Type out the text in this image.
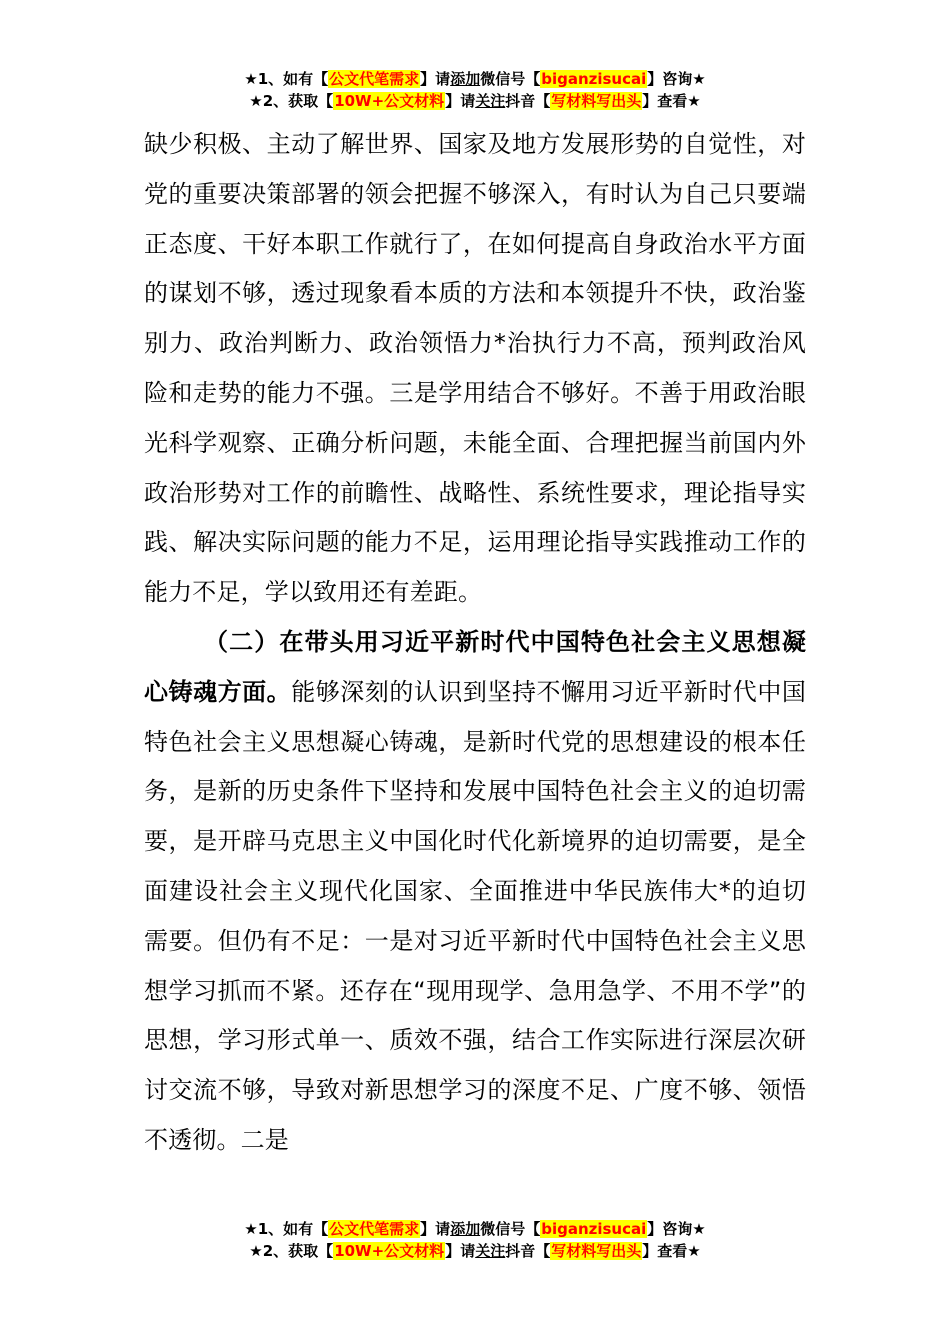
★1、如有【公文代笔需求】请添加微信号【biganzisucai】咨询★
★2、获取【10W+公文材料】请关注抖音【写材料写出头】查看★

缺少积极、主动了解世界、国家及地方发展形势的自觉性，对党的重要决策部署的领会把握不够深入，有时认为自己只要端正态度、干好本职工作就行了，在如何提高自身政治水平方面的谋划不够，透过现象看本质的方法和本领提升不快，政治鉴别力、政治判断力、政治领悟力*治执行力不高，预判政治风险和走势的能力不强。三是学用结合不够好。不善于用政治眼光科学观察、正确分析问题，未能全面、合理把握当前国内外政治形势对工作的前瞻性、战略性、系统性要求，理论指导实践、解决实际问题的能力不足，运用理论指导实践推动工作的能力不足，学以致用还有差距。

（二）在带头用习近平新时代中国特色社会主义思想凝心铸魂方面。能够深刻的认识到坚持不懈用习近平新时代中国特色社会主义思想凝心铸魂，是新时代党的思想建设的根本任务，是新的历史条件下坚持和发展中国特色社会主义的迫切需要，是开辟马克思主义中国化时代化新境界的迫切需要，是全面建设社会主义现代化国家、全面推进中华民族伟大*的迫切需要。但仍有不足：一是对习近平新时代中国特色社会主义思想学习抓而不紧。还存在“现用现学、急用急学、不用不学”的思想，学习形式单一、质效不强，结合工作实际进行深层次研讨交流不够，导致对新思想学习的深度不足、广度不够、领悟不透彻。二是

★1、如有【公文代笔需求】请添加微信号【biganzisucai】咨询★
★2、获取【10W+公文材料】请关注抖音【写材料写出头】查看★
